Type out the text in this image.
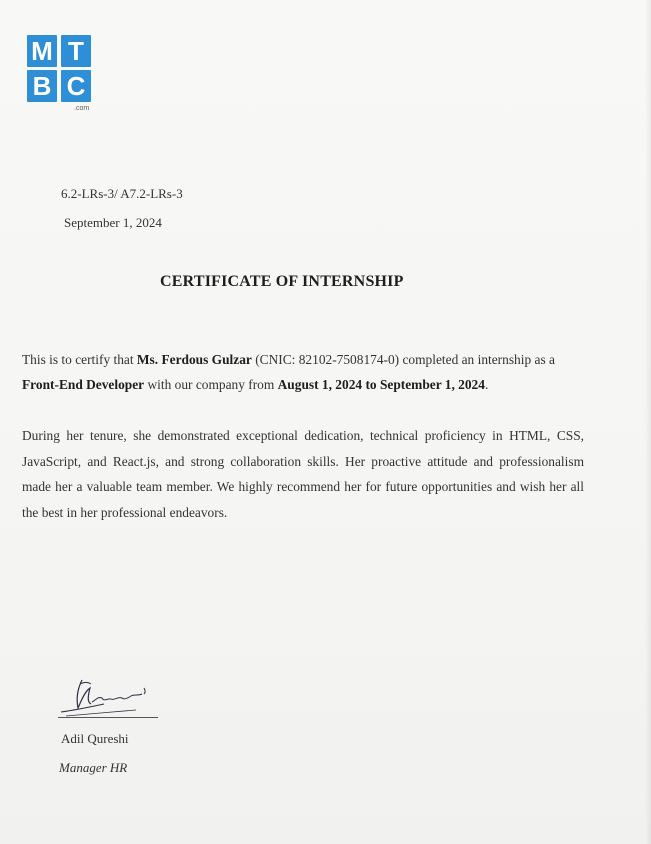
M T
B C
.com
6.2-LRs-3/ A7.2-LRs-3
September 1, 2024
CERTIFICATE OF INTERNSHIP
This is to certify that Ms. Ferdous Gulzar (CNIC: 82102-7508174-0) completed an internship as a Front-End Developer with our company from August 1, 2024 to September 1, 2024.
During her tenure, she demonstrated exceptional dedication, technical proficiency in HTML, CSS, JavaScript, and React.js, and strong collaboration skills. Her proactive attitude and professionalism made her a valuable team member. We highly recommend her for future opportunities and wish her all the best in her professional endeavors.
Adil Qureshi
Manager HR
